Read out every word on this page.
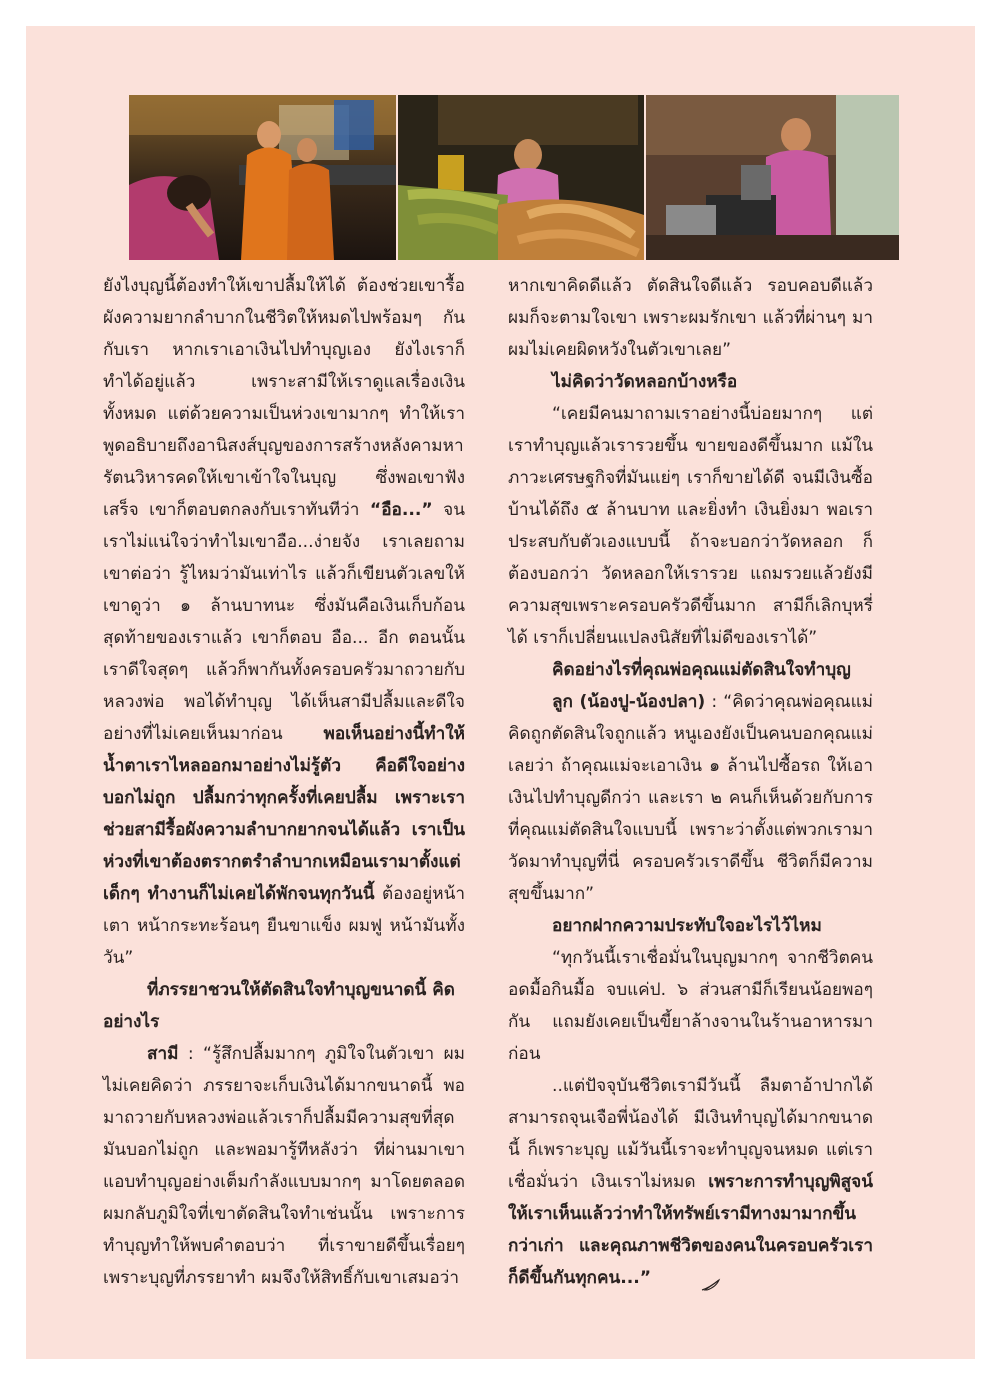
ยังไงบุญนี้ต้องทำให้เขาปลื้มให้ได้ ต้องช่วยเขารื้อผังความยากลำบากในชีวิตให้หมดไปพร้อมๆ กันกับเรา หากเราเอาเงินไปทำบุญเอง ยังไงเราก็ทำได้อยู่แล้ว เพราะสามีให้เราดูแลเรื่องเงินทั้งหมด แต่ด้วยความเป็นห่วงเขามากๆ ทำให้เราพูดอธิบายถึงอานิสงส์บุญของการสร้างหลังคามหารัตนวิหารคดให้เขาเข้าใจในบุญ ซึ่งพอเขาฟังเสร็จ เขาก็ตอบตกลงกับเราทันทีว่า “อือ...” จนเราไม่แน่ใจว่าทำไมเขาอือ...ง่ายจัง เราเลยถามเขาต่อว่า รู้ไหมว่ามันเท่าไร แล้วก็เขียนตัวเลขให้เขาดูว่า ๑ ล้านบาทนะ ซึ่งมันคือเงินเก็บก้อนสุดท้ายของเราแล้ว เขาก็ตอบ อือ... อีก ตอนนั้นเราดีใจสุดๆ แล้วก็พากันทั้งครอบครัวมาถวายกับหลวงพ่อ พอได้ทำบุญ ได้เห็นสามีปลื้มและดีใจอย่างที่ไม่เคยเห็นมาก่อน พอเห็นอย่างนี้ทำให้น้ำตาเราไหลออกมาอย่างไม่รู้ตัว คือดีใจอย่างบอกไม่ถูก ปลื้มกว่าทุกครั้งที่เคยปลื้ม เพราะเราช่วยสามีรื้อผังความลำบากยากจนได้แล้ว เราเป็นห่วงที่เขาต้องตรากตรำลำบากเหมือนเรามาตั้งแต่เด็กๆ ทำงานก็ไม่เคยได้พักจนทุกวันนี้ ต้องอยู่หน้าเตา หน้ากระทะร้อนๆ ยืนขาแข็ง ผมฟู หน้ามันทั้งวัน”

ที่ภรรยาชวนให้ตัดสินใจทำบุญขนาดนี้ คิดอย่างไร

สามี : “รู้สึกปลื้มมากๆ ภูมิใจในตัวเขา ผมไม่เคยคิดว่า ภรรยาจะเก็บเงินได้มากขนาดนี้ พอมาถวายกับหลวงพ่อแล้วเราก็ปลื้มมีความสุขที่สุดมันบอกไม่ถูก และพอมารู้ทีหลังว่า ที่ผ่านมาเขาแอบทำบุญอย่างเต็มกำลังแบบมากๆ มาโดยตลอด ผมกลับภูมิใจที่เขาตัดสินใจทำเช่นนั้น เพราะการทำบุญทำให้พบคำตอบว่า ที่เราขายดีขึ้นเรื่อยๆ เพราะบุญที่ภรรยาทำ ผมจึงให้สิทธิ์กับเขาเสมอว่า

หากเขาคิดดีแล้ว ตัดสินใจดีแล้ว รอบคอบดีแล้ว ผมก็จะตามใจเขา เพราะผมรักเขา แล้วที่ผ่านๆ มา ผมไม่เคยผิดหวังในตัวเขาเลย”

ไม่คิดว่าวัดหลอกบ้างหรือ

“เคยมีคนมาถามเราอย่างนี้บ่อยมากๆ แต่เราทำบุญแล้วเรารวยขึ้น ขายของดีขึ้นมาก แม้ในภาวะเศรษฐกิจที่มันแย่ๆ เราก็ขายได้ดี จนมีเงินซื้อบ้านได้ถึง ๕ ล้านบาท และยิ่งทำ เงินยิ่งมา พอเราประสบกับตัวเองแบบนี้ ถ้าจะบอกว่าวัดหลอก ก็ต้องบอกว่า วัดหลอกให้เรารวย แถมรวยแล้วยังมีความสุขเพราะครอบครัวดีขึ้นมาก สามีก็เลิกบุหรี่ได้ เราก็เปลี่ยนแปลงนิสัยที่ไม่ดีของเราได้”

คิดอย่างไรที่คุณพ่อคุณแม่ตัดสินใจทำบุญ

ลูก (น้องปู-น้องปลา) : “คิดว่าคุณพ่อคุณแม่คิดถูกตัดสินใจถูกแล้ว หนูเองยังเป็นคนบอกคุณแม่เลยว่า ถ้าคุณแม่จะเอาเงิน ๑ ล้านไปซื้อรถ ให้เอาเงินไปทำบุญดีกว่า และเรา ๒ คนก็เห็นด้วยกับการที่คุณแม่ตัดสินใจแบบนี้ เพราะว่าตั้งแต่พวกเรามาวัดมาทำบุญที่นี่ ครอบครัวเราดีขึ้น ชีวิตก็มีความสุขขึ้นมาก”

อยากฝากความประทับใจอะไรไว้ไหม

“ทุกวันนี้เราเชื่อมั่นในบุญมากๆ จากชีวิตคนอดมื้อกินมื้อ จบแค่ป. ๖ ส่วนสามีก็เรียนน้อยพอๆ กัน แถมยังเคยเป็นขี้ยาล้างจานในร้านอาหารมาก่อน

..แต่ปัจจุบันชีวิตเรามีวันนี้ ลืมตาอ้าปากได้ สามารถจุนเจือพี่น้องได้ มีเงินทำบุญได้มากขนาดนี้ ก็เพราะบุญ แม้วันนี้เราจะทำบุญจนหมด แต่เราเชื่อมั่นว่า เงินเราไม่หมด เพราะการทำบุญพิสูจน์ให้เราเห็นแล้วว่าทำให้ทรัพย์เรามีทางมามากขึ้นกว่าเก่า และคุณภาพชีวิตของคนในครอบครัวเราก็ดีขึ้นกันทุกคน...”
